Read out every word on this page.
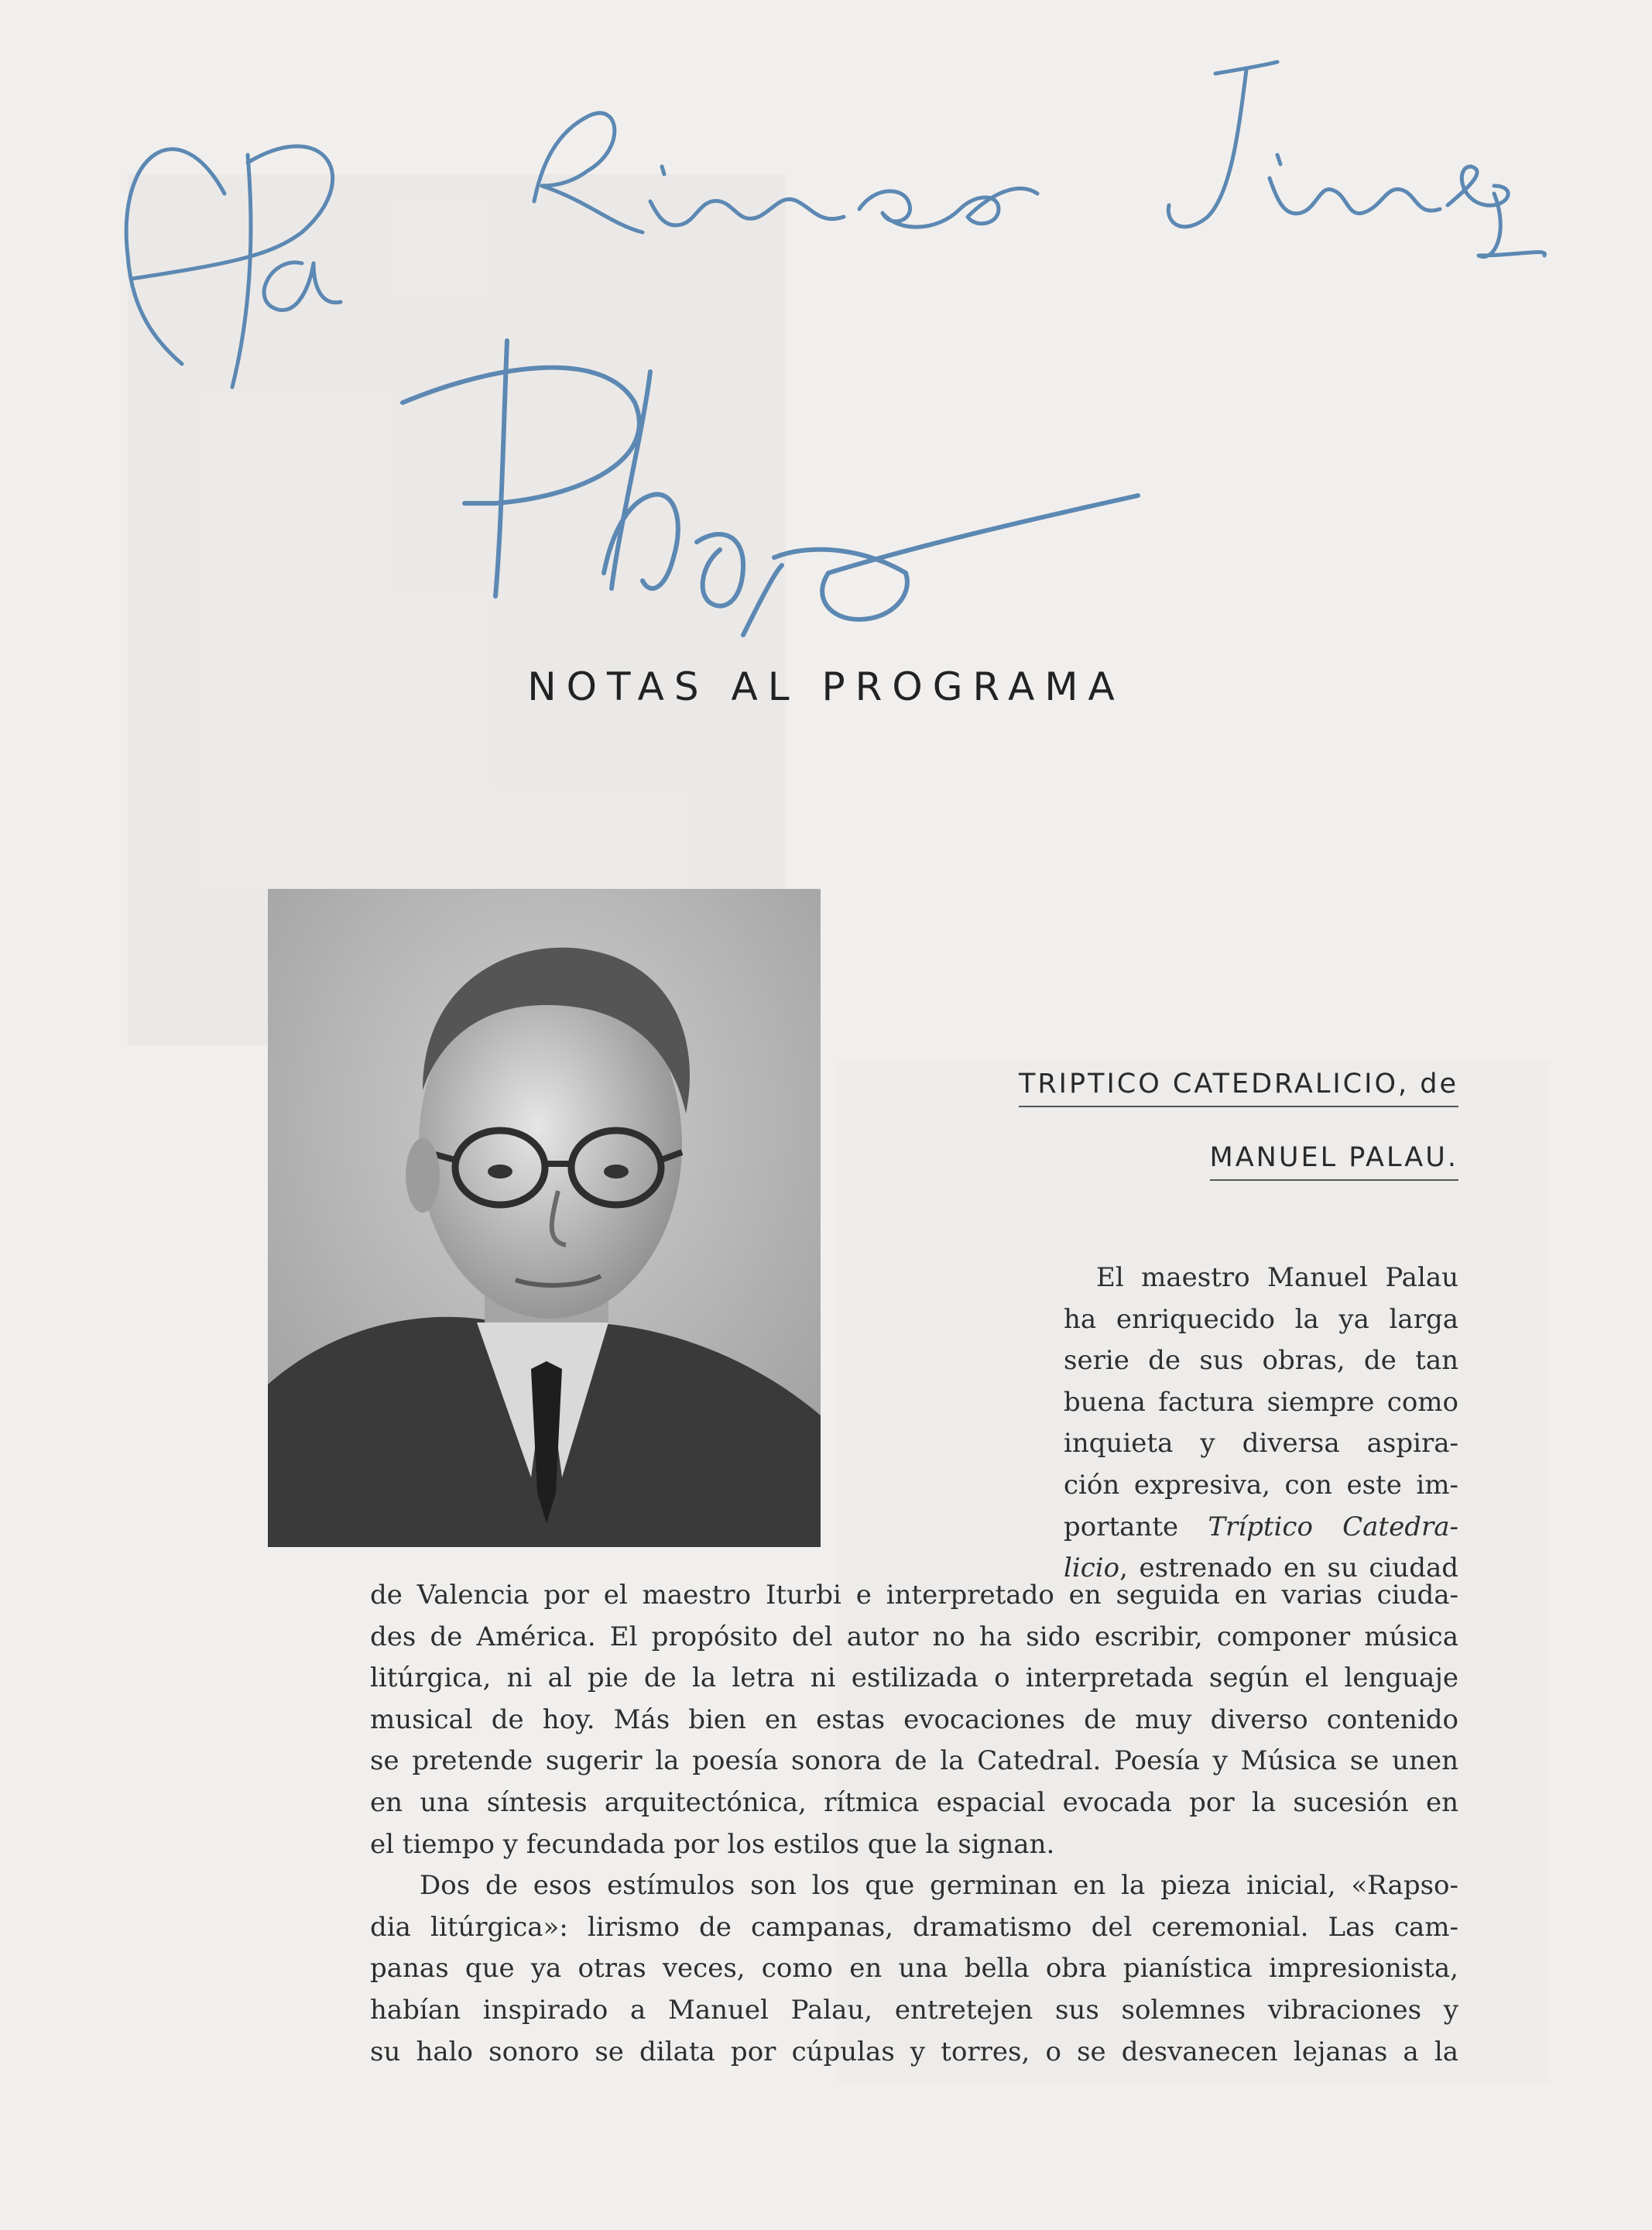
NOTAS AL PROGRAMA
TRIPTICO CATEDRALICIO, de
MANUEL PALAU.
El maestro Manuel Palau
ha enriquecido la ya larga
serie de sus obras, de tan
buena factura siempre como
inquieta y diversa aspira-
ción expresiva, con este im-
portante Tríptico Catedra-
licio, estrenado en su ciudad
de Valencia por el maestro Iturbi e interpretado en seguida en varias ciuda-
des de América. El propósito del autor no ha sido escribir, componer música
litúrgica, ni al pie de la letra ni estilizada o interpretada según el lenguaje
musical de hoy. Más bien en estas evocaciones de muy diverso contenido
se pretende sugerir la poesía sonora de la Catedral. Poesía y Música se unen
en una síntesis arquitectónica, rítmica espacial evocada por la sucesión en
el tiempo y fecundada por los estilos que la signan.
Dos de esos estímulos son los que germinan en la pieza inicial, «Rapso-
dia litúrgica»: lirismo de campanas, dramatismo del ceremonial. Las cam-
panas que ya otras veces, como en una bella obra pianística impresionista,
habían inspirado a Manuel Palau, entretejen sus solemnes vibraciones y
su halo sonoro se dilata por cúpulas y torres, o se desvanecen lejanas a la
